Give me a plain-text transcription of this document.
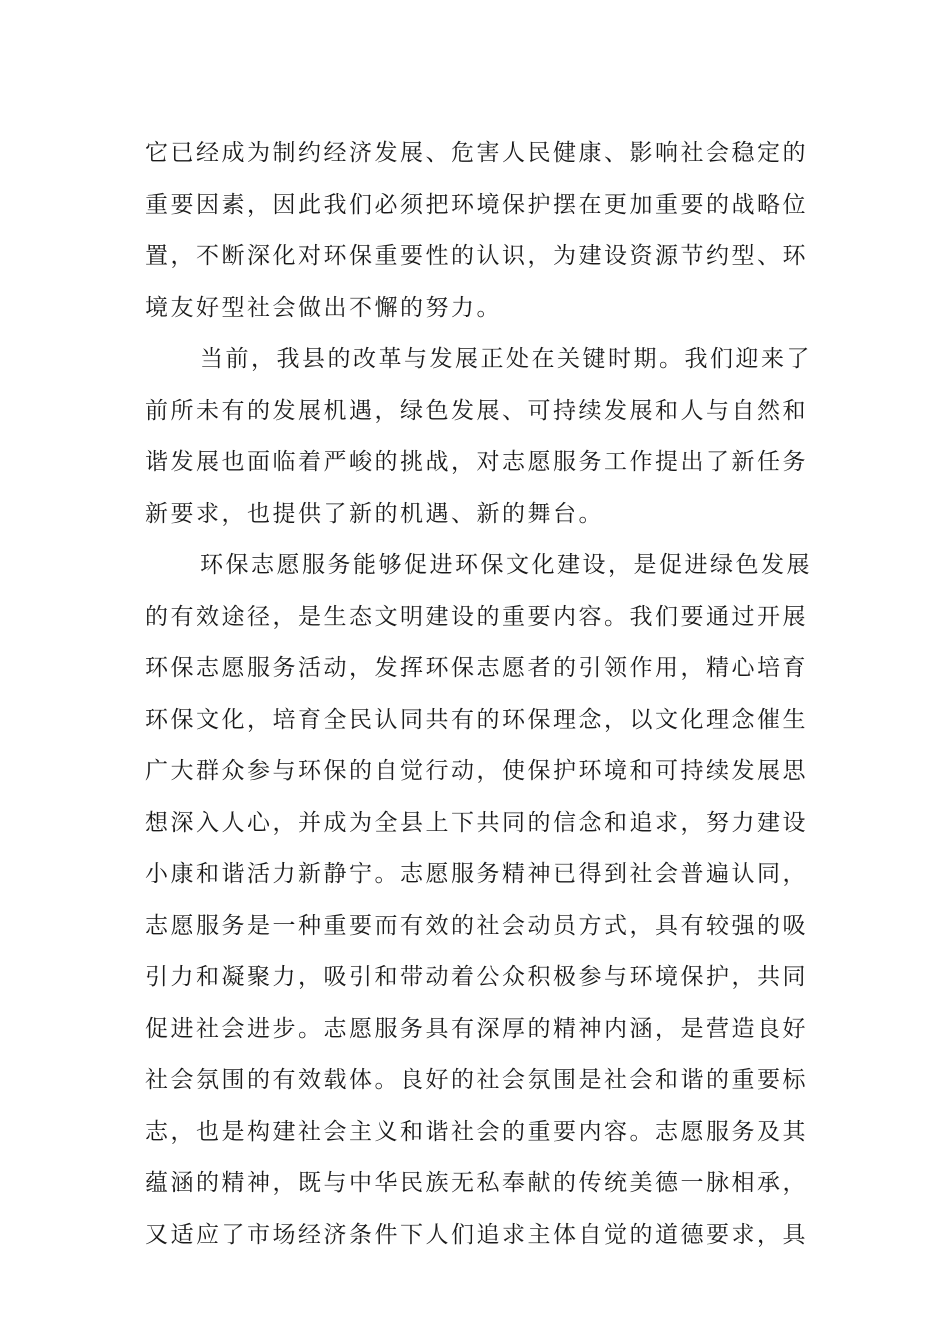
它已经成为制约经济发展、危害人民健康、影响社会稳定的
重要因素，因此我们必须把环境保护摆在更加重要的战略位
置，不断深化对环保重要性的认识，为建设资源节约型、环
境友好型社会做出不懈的努力。
当前，我县的改革与发展正处在关键时期。我们迎来了
前所未有的发展机遇，绿色发展、可持续发展和人与自然和
谐发展也面临着严峻的挑战，对志愿服务工作提出了新任务
新要求，也提供了新的机遇、新的舞台。
环保志愿服务能够促进环保文化建设，是促进绿色发展
的有效途径，是生态文明建设的重要内容。我们要通过开展
环保志愿服务活动，发挥环保志愿者的引领作用，精心培育
环保文化，培育全民认同共有的环保理念，以文化理念催生
广大群众参与环保的自觉行动，使保护环境和可持续发展思
想深入人心，并成为全县上下共同的信念和追求，努力建设
小康和谐活力新静宁。志愿服务精神已得到社会普遍认同，
志愿服务是一种重要而有效的社会动员方式，具有较强的吸
引力和凝聚力，吸引和带动着公众积极参与环境保护，共同
促进社会进步。志愿服务具有深厚的精神内涵，是营造良好
社会氛围的有效载体。良好的社会氛围是社会和谐的重要标
志，也是构建社会主义和谐社会的重要内容。志愿服务及其
蕴涵的精神，既与中华民族无私奉献的传统美德一脉相承，
又适应了市场经济条件下人们追求主体自觉的道德要求，具
